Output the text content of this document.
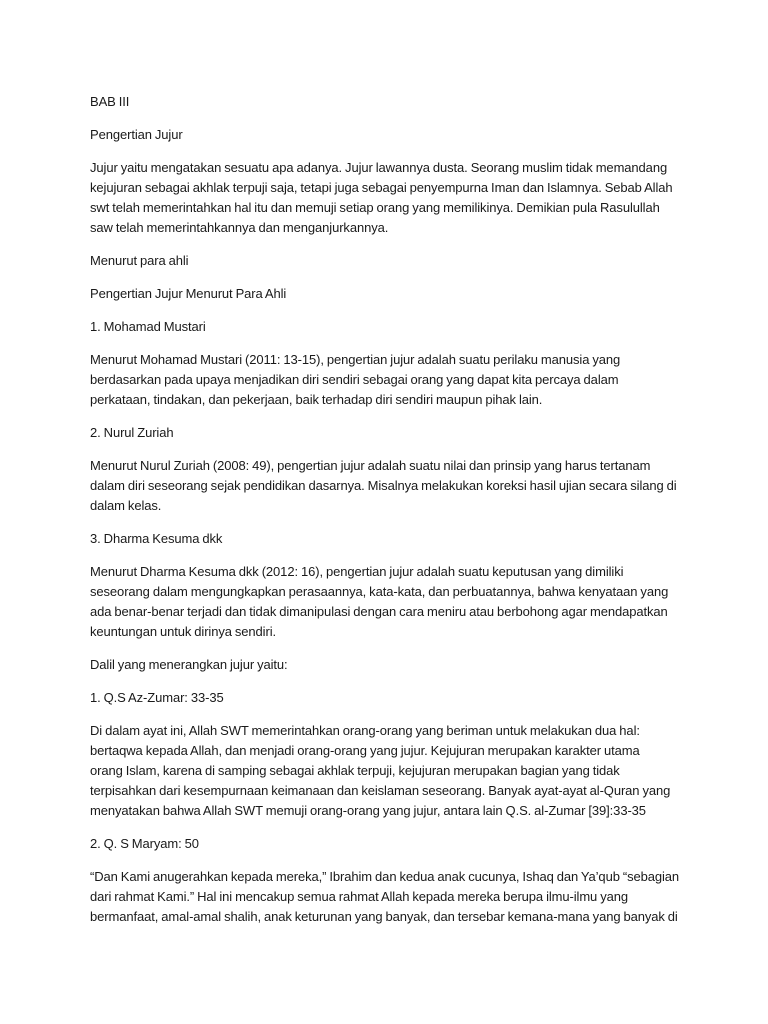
BAB III

Pengertian Jujur

Jujur yaitu mengatakan sesuatu apa adanya. Jujur lawannya dusta. Seorang muslim tidak memandang

kejujuran sebagai akhlak terpuji saja, tetapi juga sebagai penyempurna Iman dan Islamnya. Sebab Allah

swt telah memerintahkan hal itu dan memuji setiap orang yang memilikinya. Demikian pula Rasulullah

saw telah memerintahkannya dan menganjurkannya.

Menurut para ahli

Pengertian Jujur Menurut Para Ahli

1. Mohamad Mustari

Menurut Mohamad Mustari (2011: 13-15), pengertian jujur adalah suatu perilaku manusia yang

berdasarkan pada upaya menjadikan diri sendiri sebagai orang yang dapat kita percaya dalam

perkataan, tindakan, dan pekerjaan, baik terhadap diri sendiri maupun pihak lain.

2. Nurul Zuriah

Menurut Nurul Zuriah (2008: 49), pengertian jujur adalah suatu nilai dan prinsip yang harus tertanam

dalam diri seseorang sejak pendidikan dasarnya. Misalnya melakukan koreksi hasil ujian secara silang di

dalam kelas.

3. Dharma Kesuma dkk

Menurut Dharma Kesuma dkk (2012: 16), pengertian jujur adalah suatu keputusan yang dimiliki

seseorang dalam mengungkapkan perasaannya, kata-kata, dan perbuatannya, bahwa kenyataan yang

ada benar-benar terjadi dan tidak dimanipulasi dengan cara meniru atau berbohong agar mendapatkan

keuntungan untuk dirinya sendiri.

Dalil yang menerangkan jujur yaitu:

1. Q.S Az-Zumar: 33-35

Di dalam ayat ini, Allah SWT memerintahkan orang-orang yang beriman untuk melakukan dua hal:

bertaqwa kepada Allah, dan menjadi orang-orang yang jujur. Kejujuran merupakan karakter utama

orang Islam, karena di samping sebagai akhlak terpuji, kejujuran merupakan bagian yang tidak

terpisahkan dari kesempurnaan keimanaan dan keislaman seseorang. Banyak ayat-ayat al-Quran yang

menyatakan bahwa Allah SWT memuji orang-orang yang jujur, antara lain Q.S. al-Zumar [39]:33-35

2. Q. S Maryam: 50

“Dan Kami anugerahkan kepada mereka,” Ibrahim dan kedua anak cucunya, Ishaq dan Ya’qub “sebagian

dari rahmat Kami.” Hal ini mencakup semua rahmat Allah kepada mereka berupa ilmu-ilmu yang

bermanfaat, amal-amal shalih, anak keturunan yang banyak, dan tersebar kemana-mana yang banyak di
